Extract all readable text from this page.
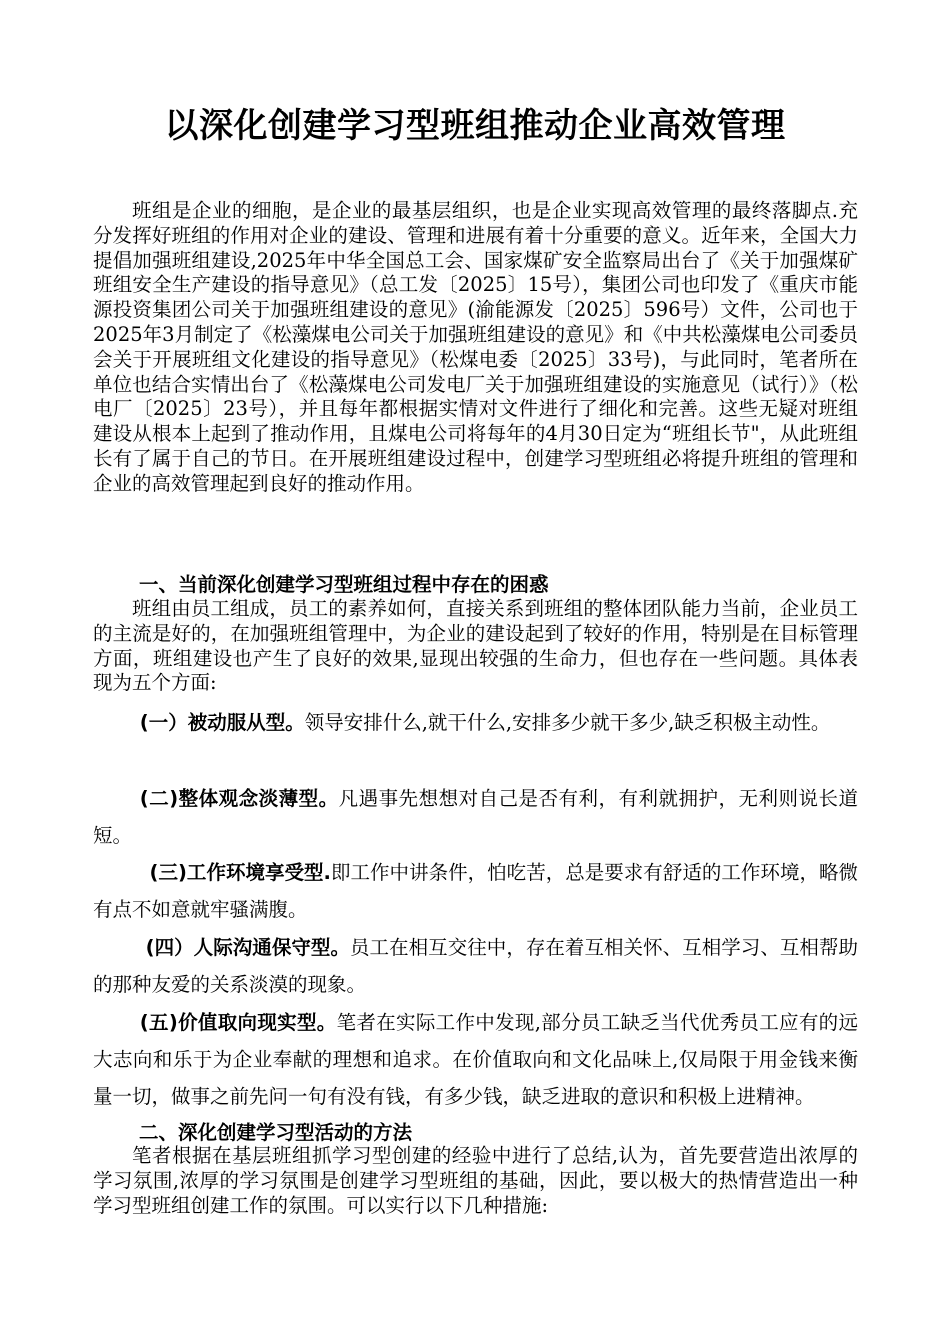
以深化创建学习型班组推动企业高效管理

班组是企业的细胞，是企业的最基层组织，也是企业实现高效管理的最终落脚点.充分发挥好班组的作用对企业的建设、管理和进展有着十分重要的意义。近年来，全国大力提倡加强班组建设,2025年中华全国总工会、国家煤矿安全监察局出台了《关于加强煤矿班组安全生产建设的指导意见》（总工发〔2025〕15号），集团公司也印发了《重庆市能源投资集团公司关于加强班组建设的意见》(渝能源发〔2025〕596号）文件，公司也于2025年3月制定了《松藻煤电公司关于加强班组建设的意见》和《中共松藻煤电公司委员会关于开展班组文化建设的指导意见》（松煤电委〔2025〕33号)，与此同时，笔者所在单位也结合实情出台了《松藻煤电公司发电厂关于加强班组建设的实施意见（试行）》（松电厂〔2025〕23号），并且每年都根据实情对文件进行了细化和完善。这些无疑对班组建设从根本上起到了推动作用，且煤电公司将每年的4月30日定为“班组长节"，从此班组长有了属于自己的节日。在开展班组建设过程中，创建学习型班组必将提升班组的管理和企业的高效管理起到良好的推动作用。

一、当前深化创建学习型班组过程中存在的困惑

班组由员工组成，员工的素养如何，直接关系到班组的整体团队能力当前，企业员工的主流是好的，在加强班组管理中，为企业的建设起到了较好的作用，特别是在目标管理方面，班组建设也产生了良好的效果,显现出较强的生命力，但也存在一些问题。具体表现为五个方面:

(一）被动服从型。领导安排什么,就干什么,安排多少就干多少,缺乏积极主动性。

(二)整体观念淡薄型。凡遇事先想想对自己是否有利，有利就拥护，无利则说长道短。

(三)工作环境享受型.即工作中讲条件，怕吃苦，总是要求有舒适的工作环境，略微有点不如意就牢骚满腹。

(四）人际沟通保守型。员工在相互交往中，存在着互相关怀、互相学习、互相帮助的那种友爱的关系淡漠的现象。

(五)价值取向现实型。笔者在实际工作中发现,部分员工缺乏当代优秀员工应有的远大志向和乐于为企业奉献的理想和追求。在价值取向和文化品味上,仅局限于用金钱来衡量一切，做事之前先问一句有没有钱，有多少钱，缺乏进取的意识和积极上进精神。

二、深化创建学习型活动的方法

笔者根据在基层班组抓学习型创建的经验中进行了总结,认为，首先要营造出浓厚的学习氛围,浓厚的学习氛围是创建学习型班组的基础，因此，要以极大的热情营造出一种学习型班组创建工作的氛围。可以实行以下几种措施:
